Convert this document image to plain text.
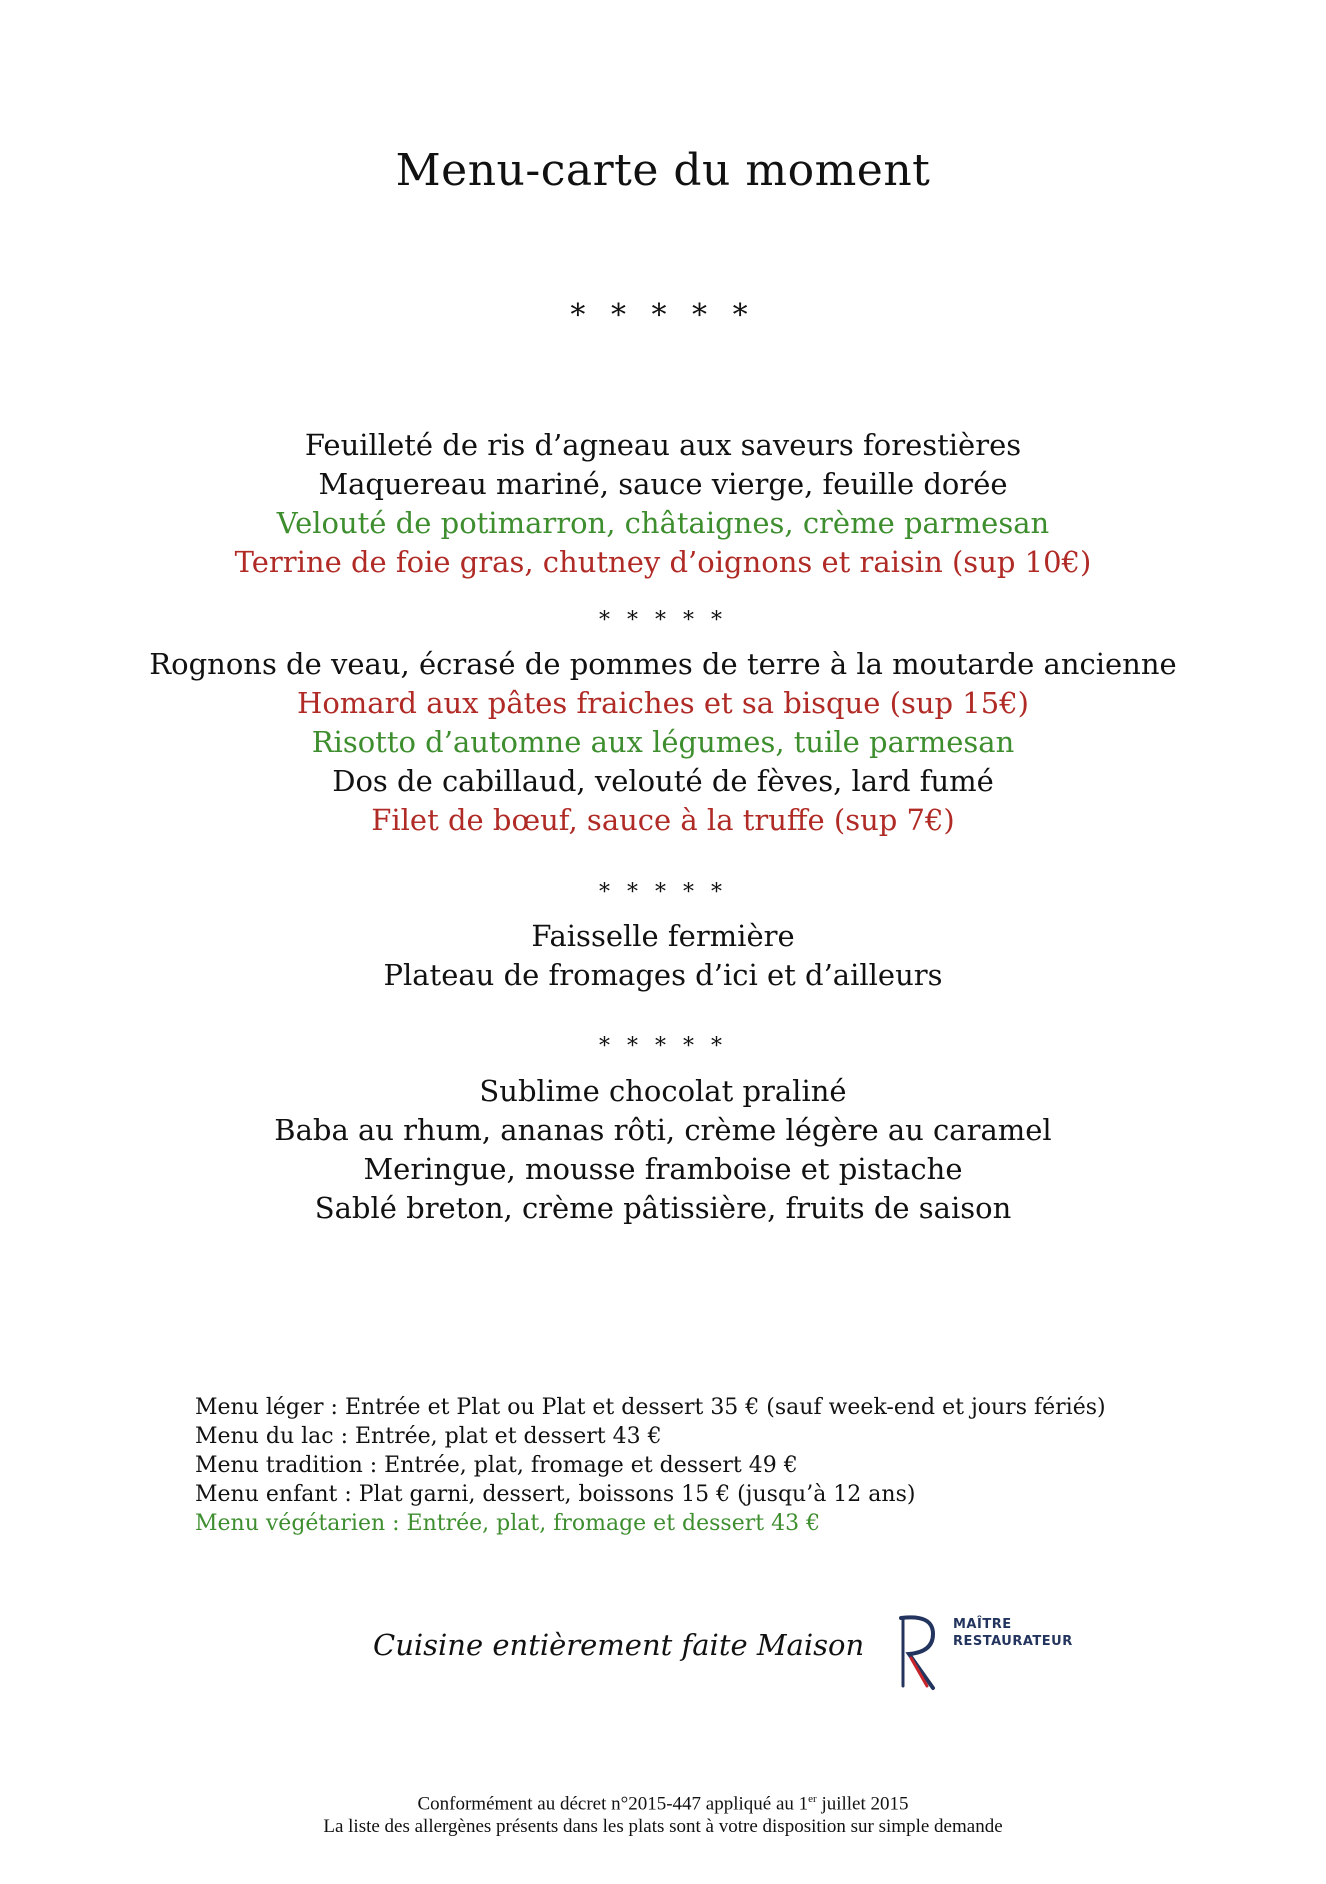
Menu-carte du moment
* * * * *
Feuilleté de ris d’agneau aux saveurs forestières
Maquereau mariné, sauce vierge, feuille dorée
Velouté de potimarron, châtaignes, crème parmesan
Terrine de foie gras, chutney d’oignons et raisin (sup 10€)
* * * * *
Rognons de veau, écrasé de pommes de terre à la moutarde ancienne
Homard aux pâtes fraiches et sa bisque (sup 15€)
Risotto d’automne aux légumes, tuile parmesan
Dos de cabillaud, velouté de fèves, lard fumé
Filet de bœuf, sauce à la truffe (sup 7€)
* * * * *
Faisselle fermière
Plateau de fromages d’ici et d’ailleurs
* * * * *
Sublime chocolat praliné
Baba au rhum, ananas rôti, crème légère au caramel
Meringue, mousse framboise et pistache
Sablé breton, crème pâtissière, fruits de saison
Menu léger : Entrée et Plat ou Plat et dessert 35 € (sauf week-end et jours fériés)
Menu du lac : Entrée, plat et dessert 43 €
Menu tradition : Entrée, plat, fromage et dessert 49 €
Menu enfant : Plat garni, dessert, boissons 15 € (jusqu’à 12 ans)
Menu végétarien : Entrée, plat, fromage et dessert 43 €
Cuisine entièrement faite Maison
MAÎTRE
RESTAURATEUR
Conformément au décret n°2015-447 appliqué au 1er juillet 2015
La liste des allergènes présents dans les plats sont à votre disposition sur simple demande
